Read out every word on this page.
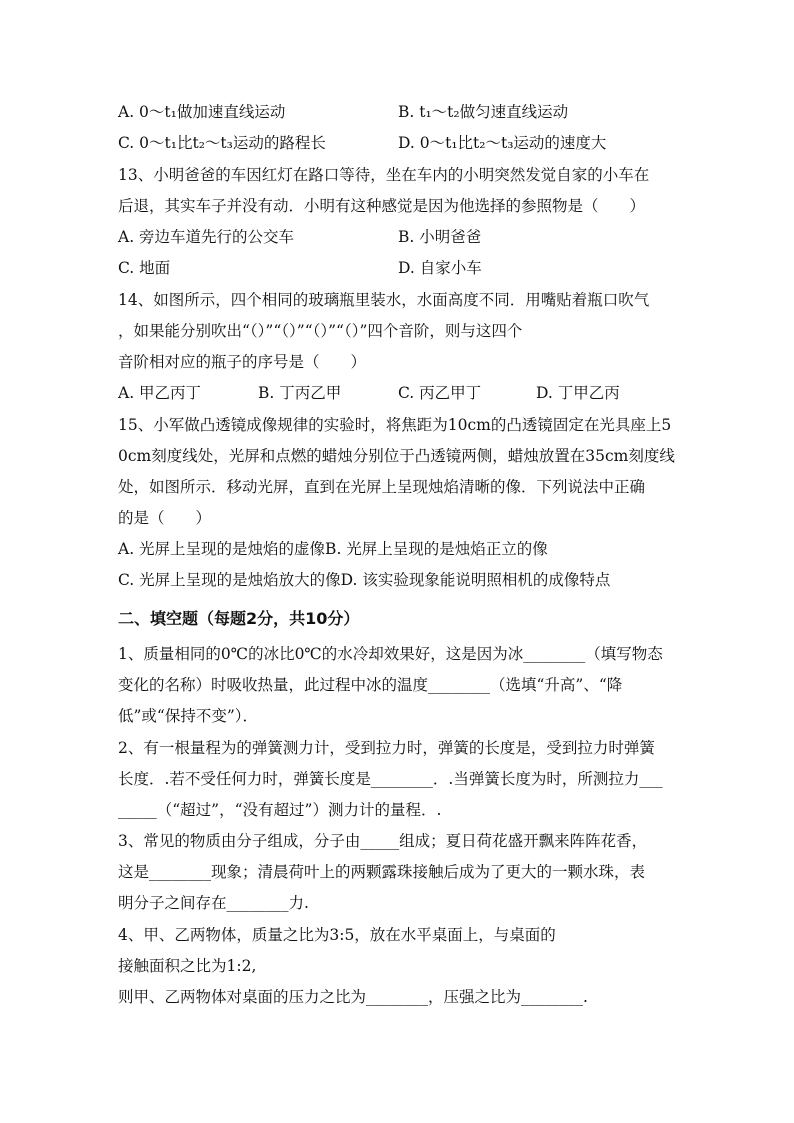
A. 0～t₁做加速直线运动	B. t₁～t₂做匀速直线运动
C. 0～t₁比t₂～t₃运动的路程长	D. 0～t₁比t₂～t₃运动的速度大
13、小明爸爸的车因红灯在路口等待，坐在车内的小明突然发觉自家的小车在
后退，其实车子并没有动．小明有这种感觉是因为他选择的参照物是（　　）
A. 旁边车道先行的公交车	B. 小明爸爸
C. 地面	D. 自家小车
14、如图所示，四个相同的玻璃瓶里装水，水面高度不同．用嘴贴着瓶口吹气
，如果能分别吹出“（）”“（）”“（）”“（）”四个音阶，则与这四个
音阶相对应的瓶子的序号是（　　）
A. 甲乙丙丁	B. 丁丙乙甲	C. 丙乙甲丁	D. 丁甲乙丙
15、小军做凸透镜成像规律的实验时，将焦距为10cm的凸透镜固定在光具座上5
0cm刻度线处，光屏和点燃的蜡烛分别位于凸透镜两侧，蜡烛放置在35cm刻度线
处，如图所示．移动光屏，直到在光屏上呈现烛焰清晰的像．下列说法中正确
的是（　　）
A. 光屏上呈现的是烛焰的虚像B. 光屏上呈现的是烛焰正立的像
C. 光屏上呈现的是烛焰放大的像D. 该实验现象能说明照相机的成像特点
二、填空题（每题2分，共10分）
1、质量相同的0℃的冰比0℃的水冷却效果好，这是因为冰________（填写物态
变化的名称）时吸收热量，此过程中冰的温度________（选填“升高”、“降
低”或“保持不变”）．
2、有一根量程为的弹簧测力计，受到拉力时，弹簧的长度是，受到拉力时弹簧
长度．.若不受任何力时，弹簧长度是________．.当弹簧长度为时，所测拉力___
_____（“超过”，“没有超过”）测力计的量程．.
3、常见的物质由分子组成，分子由_____组成；夏日荷花盛开飘来阵阵花香，
这是________现象；清晨荷叶上的两颗露珠接触后成为了更大的一颗水珠，表
明分子之间存在________力.
4、甲、乙两物体，质量之比为3:5，放在水平桌面上，与桌面的
接触面积之比为1:2,
则甲、乙两物体对桌面的压力之比为________，压强之比为________.
